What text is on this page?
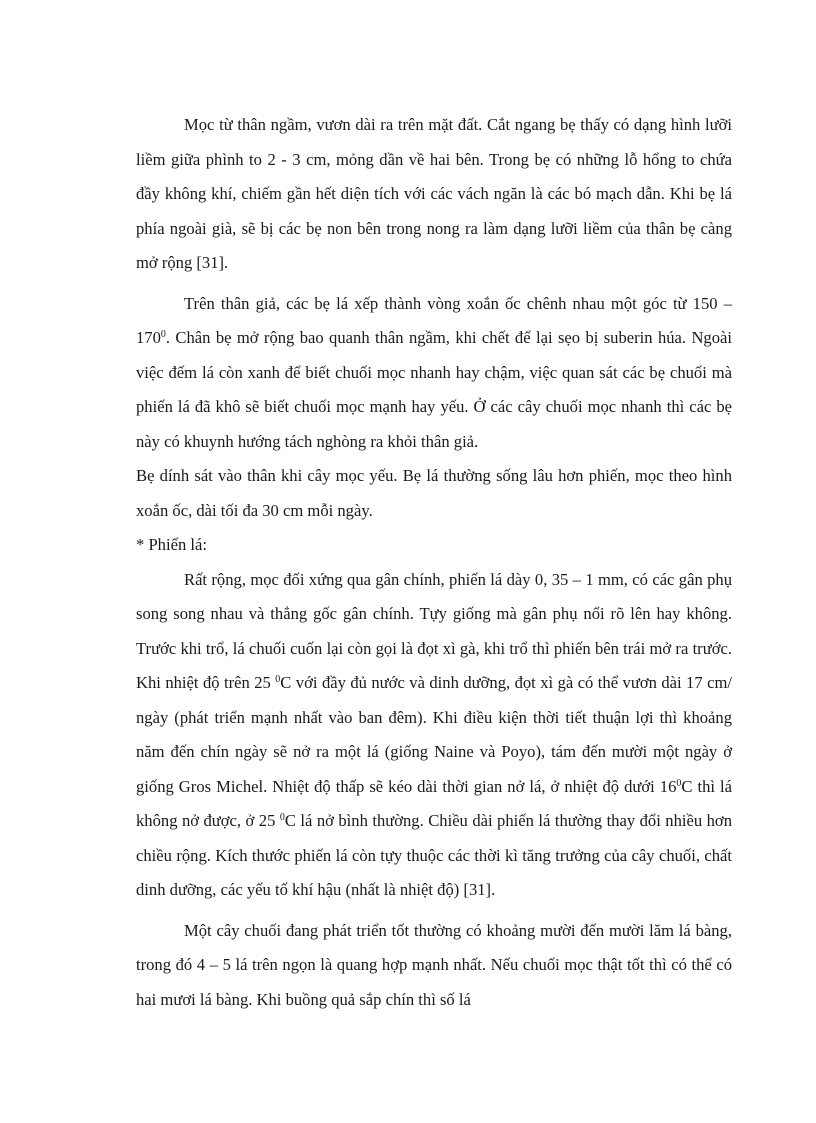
Mọc từ thân ngầm, vươn dài ra trên mặt đất. Cắt ngang bẹ thấy có dạng hình lưỡi liềm giữa phình to 2 - 3 cm, mỏng dần về hai bên. Trong bẹ có những lỗ hổng to chứa đầy không khí, chiếm gần hết diện tích với các vách ngăn là các bó mạch dẫn. Khi bẹ lá phía ngoài già, sẽ bị các bẹ non bên trong nong ra làm dạng lưỡi liềm của thân bẹ càng mở rộng [31].

Trên thân giả, các bẹ lá xếp thành vòng xoắn ốc chênh nhau một góc từ $150 - 170^0$. Chân bẹ mở rộng bao quanh thân ngầm, khi chết để lại sẹo bị suberin húa. Ngoài việc đếm lá còn xanh để biết chuối mọc nhanh hay chậm, việc quan sát các bẹ chuối mà phiến lá đã khô sẽ biết chuối mọc mạnh hay yếu. Ở các cây chuối mọc nhanh thì các bẹ này có khuynh hướng tách nghòng ra khỏi thân giả.

Bẹ dính sát vào thân khi cây mọc yếu. Bẹ lá thường sống lâu hơn phiến, mọc theo hình xoắn ốc, dài tối đa 30 cm mỗi ngày.

* Phiến lá:

Rất rộng, mọc đối xứng qua gân chính, phiến lá dày 0, 35 – 1 mm, có các gân phụ song song nhau và thẳng gốc gân chính. Tựy giống mà gân phụ nổi rõ lên hay không. Trước khi trổ, lá chuối cuốn lại còn gọi là đọt xì gà, khi trổ thì phiến bên trái mở ra trước. Khi nhiệt độ trên 25 $^0$C với đầy đủ nước và dinh dưỡng, đọt xì gà có thể vươn dài 17 cm/ ngày (phát triển mạnh nhất vào ban đêm). Khi điều kiện thời tiết thuận lợi thì khoảng năm đến chín ngày sẽ nở ra một lá (giống Naine và Poyo), tám đến mười một ngày ở giống Gros Michel. Nhiệt độ thấp sẽ kéo dài thời gian nở lá, ở nhiệt độ dưới $16^0C$ thì lá không nở được, ở 25 $^0$C lá nở bình thường. Chiều dài phiến lá thường thay đổi nhiều hơn chiều rộng. Kích thước phiến lá còn tựy thuộc các thời kì tăng trưởng của cây chuối, chất dinh dưỡng, các yếu tố khí hậu (nhất là nhiệt độ) [31].

Một cây chuối đang phát triển tốt thường có khoảng mười đến mười lăm lá bàng, trong đó 4 – 5 lá trên ngọn là quang hợp mạnh nhất. Nếu chuối mọc thật tốt thì có thể có hai mươi lá bàng. Khi buồng quả sắp chín thì số lá
